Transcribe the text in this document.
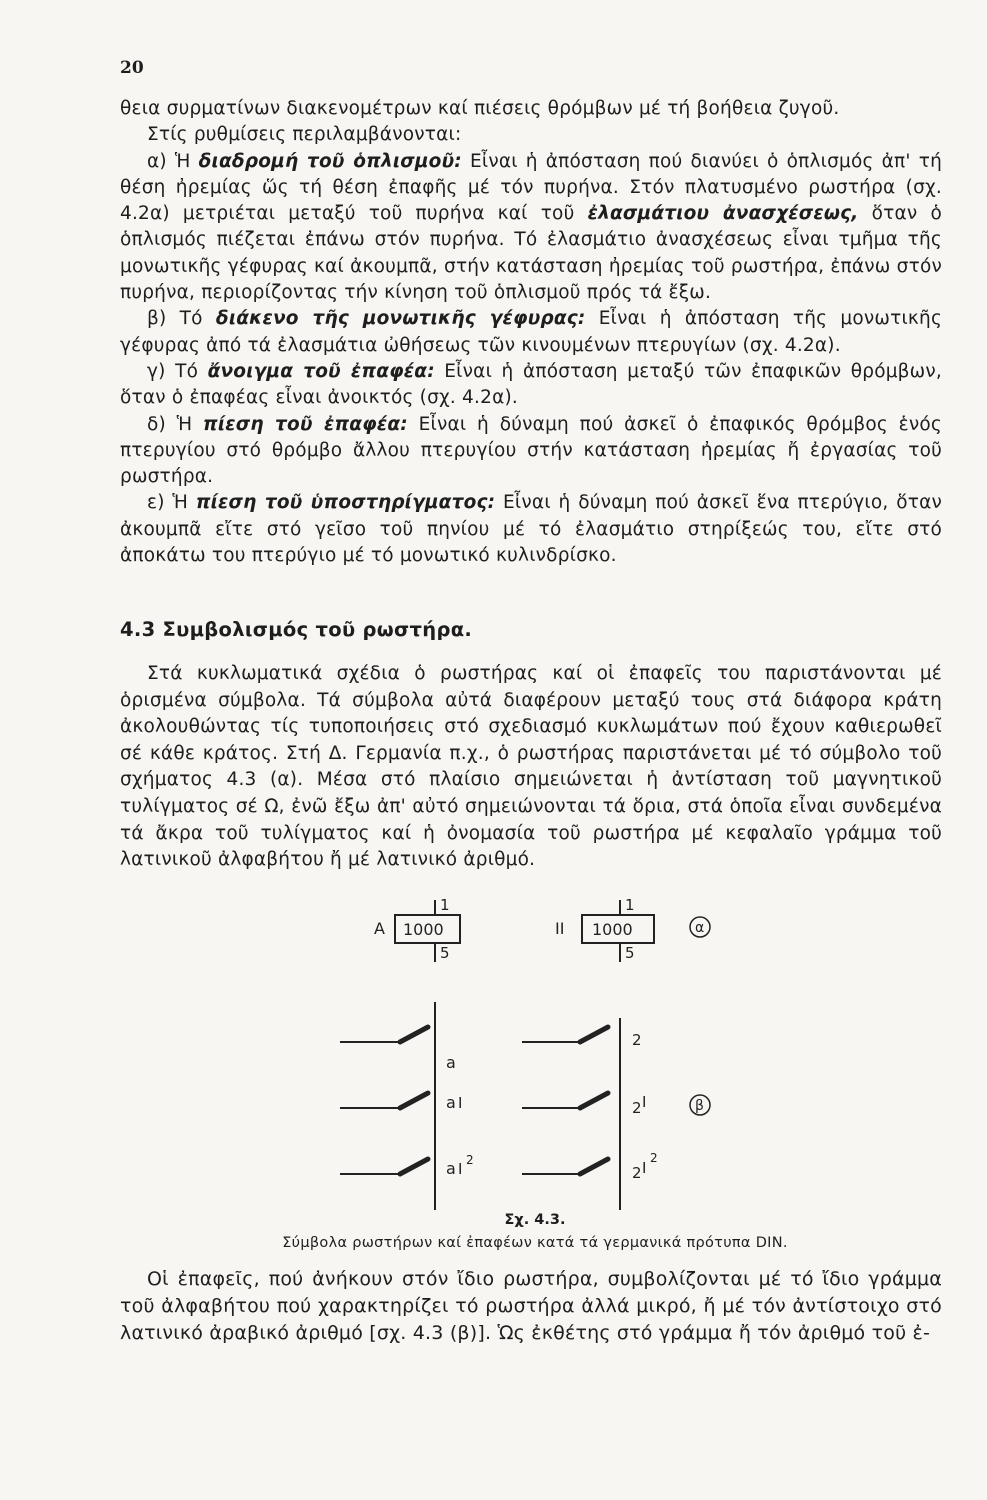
20

θεια συρματίνων διακενομέτρων καί πιέσεις θρόμβων μέ τή βοήθεια ζυγοῦ.

Στίς ρυθμίσεις περιλαμβάνονται:

α) Ἡ διαδρομή τοῦ ὁπλισμοῦ: Εἶναι ἡ ἀπόσταση πού διανύει ὁ ὁπλισμός ἀπ' τή θέση ἠρεμίας ὥς τή θέση ἐπαφῆς μέ τόν πυρήνα. Στόν πλατυσμένο ρωστήρα (σχ. 4.2α) μετριέται μεταξύ τοῦ πυρήνα καί τοῦ ἐλασμάτιου ἀνασχέσεως, ὅταν ὁ ὁπλισμός πιέζεται ἐπάνω στόν πυρήνα. Τό ἐλασμάτιο ἀνασχέσεως εἶναι τμῆμα τῆς μονωτικῆς γέφυρας καί ἀκουμπᾶ, στήν κατάσταση ἠρεμίας τοῦ ρωστήρα, ἐπάνω στόν πυρήνα, περιορίζοντας τήν κίνηση τοῦ ὁπλισμοῦ πρός τά ἔξω.

β) Τό διάκενο τῆς μονωτικῆς γέφυρας: Εἶναι ἡ ἀπόσταση τῆς μονωτικῆς γέφυρας ἀπό τά ἐλασμάτια ὠθήσεως τῶν κινουμένων πτερυγίων (σχ. 4.2α).

γ) Τό ἄνοιγμα τοῦ ἐπαφέα: Εἶναι ἡ ἀπόσταση μεταξύ τῶν ἐπαφικῶν θρόμβων, ὅταν ὁ ἐπαφέας εἶναι ἀνοικτός (σχ. 4.2α).

δ) Ἡ πίεση τοῦ ἐπαφέα: Εἶναι ἡ δύναμη πού ἀσκεῖ ὁ ἐπαφικός θρόμβος ἑνός πτερυγίου στό θρόμβο ἄλλου πτερυγίου στήν κατάσταση ἠρεμίας ἤ ἐργασίας τοῦ ρωστήρα.

ε) Ἡ πίεση τοῦ ὑποστηρίγματος: Εἶναι ἡ δύναμη πού ἀσκεῖ ἕνα πτερύγιο, ὅταν ἀκουμπᾶ εἴτε στό γεῖσο τοῦ πηνίου μέ τό ἐλασμάτιο στηρίξεώς του, εἴτε στό ἀποκάτω του πτερύγιο μέ τό μονωτικό κυλινδρίσκο.

4.3 Συμβολισμός τοῦ ρωστήρα.

Στά κυκλωματικά σχέδια ὁ ρωστήρας καί οἱ ἐπαφεῖς του παριστάνονται μέ ὁρισμένα σύμβολα. Τά σύμβολα αὐτά διαφέρουν μεταξύ τους στά διάφορα κράτη ἀκολουθώντας τίς τυποποιήσεις στό σχεδιασμό κυκλωμάτων πού ἔχουν καθιερωθεῖ σέ κάθε κράτος. Στή Δ. Γερμανία π.χ., ὁ ρωστήρας παριστάνεται μέ τό σύμβολο τοῦ σχήματος 4.3 (α). Μέσα στό πλαίσιο σημειώνεται ἡ ἀντίσταση τοῦ μαγνητικοῦ τυλίγματος σέ Ω, ἐνῶ ἔξω ἀπ' αὐτό σημειώνονται τά ὅρια, στά ὁποῖα εἶναι συνδεμένα τά ἄκρα τοῦ τυλίγματος καί ἡ ὀνομασία τοῦ ρωστήρα μέ κεφαλαῖο γράμμα τοῦ λατινικοῦ ἀλφαβήτου ἤ μέ λατινικό ἀριθμό.

1
A 1000
5
1
II 1000
5
α
a
a I
a I 2
2
2 I
2 I
2
β
Σχ. 4.3.
Σύμβολα ρωστήρων καί ἐπαφέων κατά τά γερμανικά πρότυπα DIN.

Οἱ ἐπαφεῖς, πού ἀνήκουν στόν ἴδιο ρωστήρα, συμβολίζονται μέ τό ἴδιο γράμμα τοῦ ἀλφαβήτου πού χαρακτηρίζει τό ρωστήρα ἀλλά μικρό, ἤ μέ τόν ἀντίστοιχο στό λατινικό ἀραβικό ἀριθμό [σχ. 4.3 (β)]. Ὡς ἐκθέτης στό γράμμα ἤ τόν ἀριθμό τοῦ ἐ-
